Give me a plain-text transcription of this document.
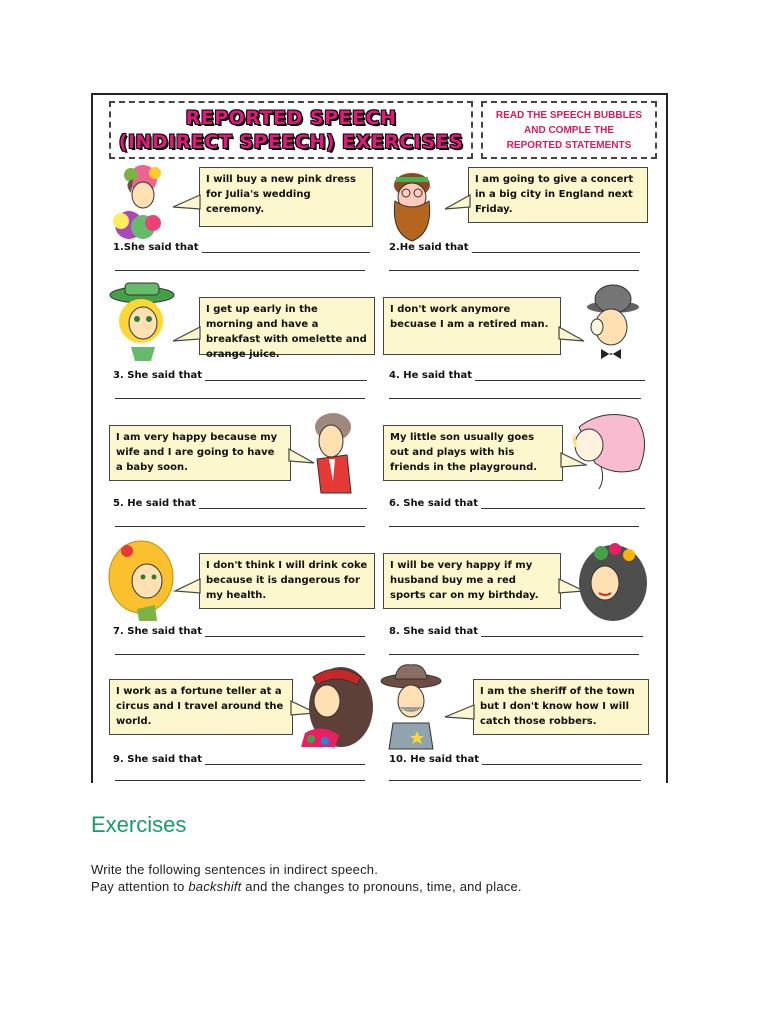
REPORTED SPEECH
(INDIRECT SPEECH) EXERCISES
READ THE SPEECH BUBBLES
AND COMPLE THE
REPORTED STATEMENTS
I will buy a new pink dress for Julia's wedding ceremony.
I am going to give a concert in a big city in England next Friday.
1.She said that	2.He said that
I get up early in the morning and have a breakfast with omelette and orange juice.
I don't work anymore becuase I am a retired man.
3. She said that	4. He said that
I am very happy because my wife and I are going to have a baby soon.
My little son usually goes out and plays with his friends in the playground.
5. He said that	6. She said that
I don't think I will drink coke because it is dangerous for my health.
I will be very happy if my husband buy me a red sports car on my birthday.
7. She said that	8. She said that
I work as a fortune teller at a circus and I travel around the world.
I am the sheriff of the town but I don't know how I will catch those robbers.
9. She said that	10. He said that
Exercises
Write the following sentences in indirect speech.
Pay attention to backshift and the changes to pronouns, time, and place.
